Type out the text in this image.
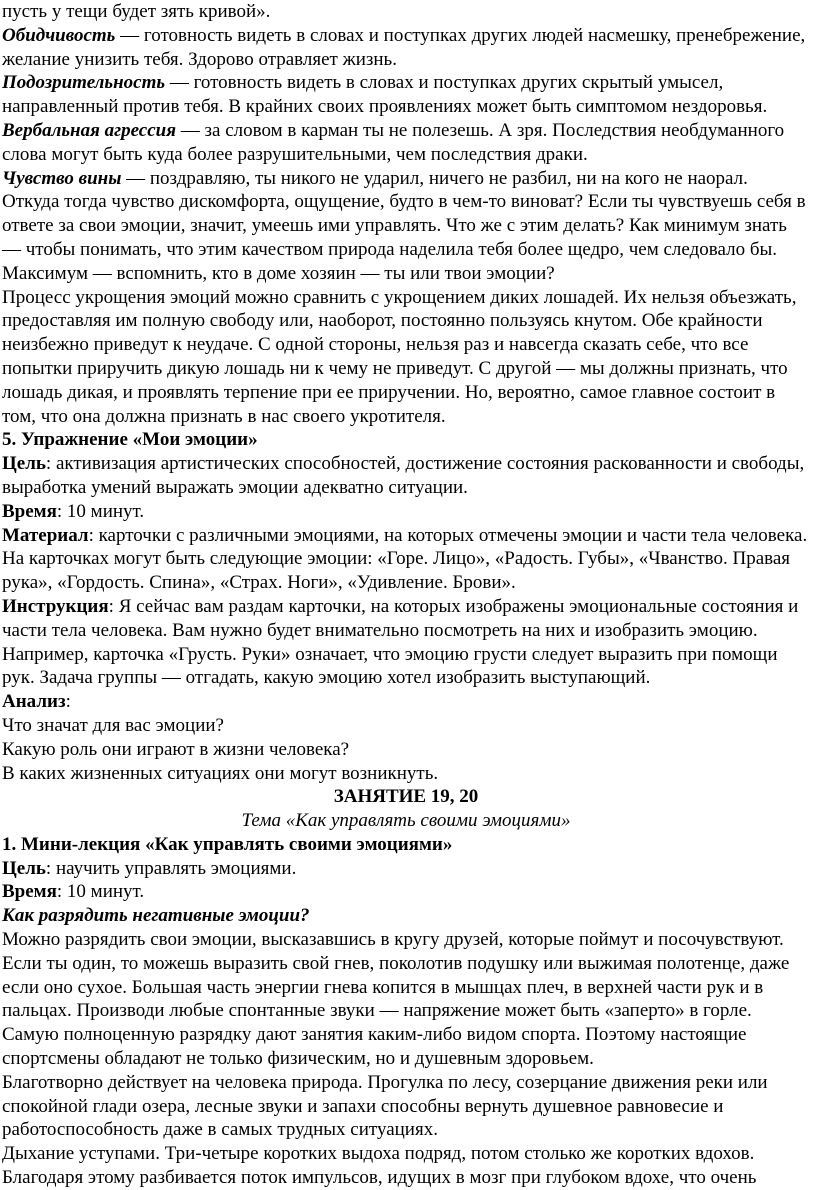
пусть у тещи будет зять кривой».

Обидчивость — готовность видеть в словах и поступках других людей насмешку, пренебрежение, желание унизить тебя. Здорово отравляет жизнь.

Подозрительность — готовность видеть в словах и поступках других скрытый умысел, направленный против тебя. В крайних своих проявлениях может быть симптомом нездоровья.

Вербальная агрессия — за словом в карман ты не полезешь. А зря. Последствия необдуманного слова могут быть куда более разрушительными, чем последствия драки.

Чувство вины — поздравляю, ты никого не ударил, ничего не разбил, ни на кого не наорал. Откуда тогда чувство дискомфорта, ощущение, будто в чем-то виноват? Если ты чувствуешь себя в ответе за свои эмоции, значит, умеешь ими управлять. Что же с этим делать? Как минимум знать — чтобы понимать, что этим качеством природа наделила тебя более щедро, чем следовало бы. Максимум — вспомнить, кто в доме хозяин — ты или твои эмоции?

Процесс укрощения эмоций можно сравнить с укрощением диких лошадей. Их нельзя объезжать, предоставляя им полную свободу или, наоборот, постоянно пользуясь кнутом. Обе крайности неизбежно приведут к неудаче. С одной стороны, нельзя раз и навсегда сказать себе, что все попытки приручить дикую лошадь ни к чему не приведут. С другой — мы должны признать, что лошадь дикая, и проявлять терпение при ее приручении. Но, вероятно, самое главное состоит в том, что она должна признать в нас своего укротителя.

5. Упражнение «Мои эмоции»

Цель: активизация артистических способностей, достижение состояния раскованности и свободы, выработка умений выражать эмоции адекватно ситуации.

Время: 10 минут.

Материал: карточки с различными эмоциями, на которых отмечены эмоции и части тела человека. На карточках могут быть следующие эмоции: «Горе. Лицо», «Радость. Губы», «Чванство. Правая рука», «Гордость. Спина», «Страх. Ноги», «Удивление. Брови».

Инструкция: Я сейчас вам раздам карточки, на которых изображены эмоциональные состояния и части тела человека. Вам нужно будет внимательно посмотреть на них и изобразить эмоцию. Например, карточка «Грусть. Руки» означает, что эмоцию грусти следует выразить при помощи рук. Задача группы — отгадать, какую эмоцию хотел изобразить выступающий.

Анализ:

Что значат для вас эмоции?

Какую роль они играют в жизни человека?

В каких жизненных ситуациях они могут возникнуть.

ЗАНЯТИЕ 19, 20

Тема «Как управлять своими эмоциями»

1. Мини-лекция «Как управлять своими эмоциями»

Цель: научить управлять эмоциями.

Время: 10 минут.

Как разрядить негативные эмоции?

Можно разрядить свои эмоции, высказавшись в кругу друзей, которые поймут и посочувствуют.

Если ты один, то можешь выразить свой гнев, поколотив подушку или выжимая полотенце, даже если оно сухое. Большая часть энергии гнева копится в мышцах плеч, в верхней части рук и в пальцах. Производи любые спонтанные звуки — напряжение может быть «заперто» в горле.

Самую полноценную разрядку дают занятия каким-либо видом спорта. Поэтому настоящие спортсмены обладают не только физическим, но и душевным здоровьем.

Благотворно действует на человека природа. Прогулка по лесу, созерцание движения реки или спокойной глади озера, лесные звуки и запахи способны вернуть душевное равновесие и работоспособность даже в самых трудных ситуациях.

Дыхание уступами. Три-четыре коротких выдоха подряд, потом столько же коротких вдохов. Благодаря этому разбивается поток импульсов, идущих в мозг при глубоком вдохе, что очень
